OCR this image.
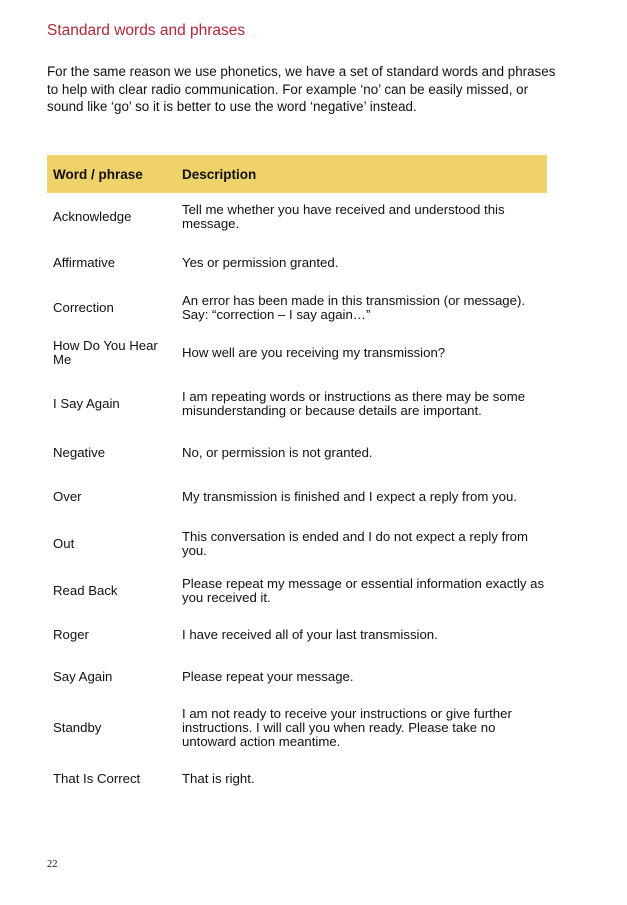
Standard words and phrases

For the same reason we use phonetics, we have a set of standard words and phrases to help with clear radio communication. For example ‘no’ can be easily missed, or sound like ‘go’ so it is better to use the word ‘negative’ instead.

Word / phrase	Description
Acknowledge	Tell me whether you have received and understood this message.
Affirmative	Yes or permission granted.
Correction	An error has been made in this transmission (or message). Say: “correction – I say again…”
How Do You Hear Me	How well are you receiving my transmission?
I Say Again	I am repeating words or instructions as there may be some misunderstanding or because details are important.
Negative	No, or permission is not granted.
Over	My transmission is finished and I expect a reply from you.
Out	This conversation is ended and I do not expect a reply from you.
Read Back	Please repeat my message or essential information exactly as you received it.
Roger	I have received all of your last transmission.
Say Again	Please repeat your message.
Standby	I am not ready to receive your instructions or give further instructions. I will call you when ready. Please take no untoward action meantime.
That Is Correct	That is right.
22
